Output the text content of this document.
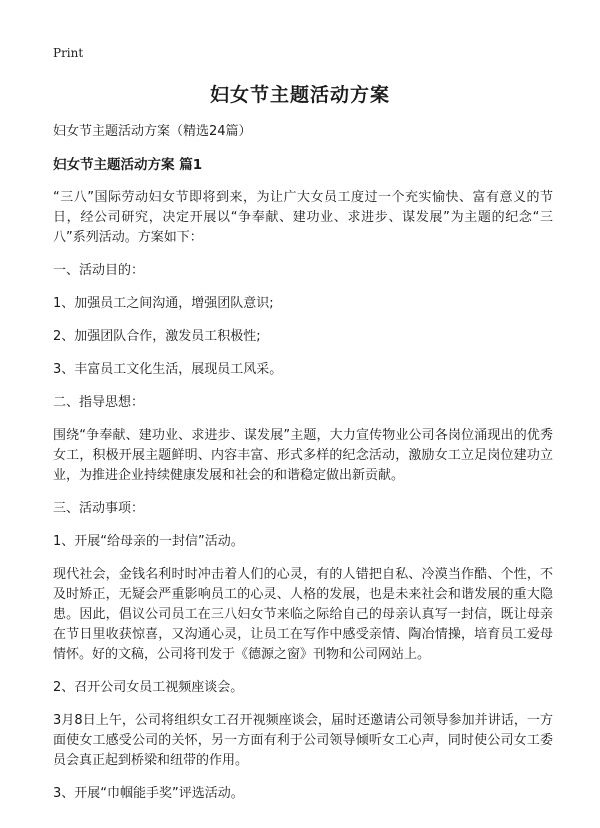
Print
妇女节主题活动方案

妇女节主题活动方案（精选24篇）

妇女节主题活动方案 篇1

“三八”国际劳动妇女节即将到来，为让广大女员工度过一个充实愉快、富有意义的节日，经公司研究，决定开展以“争奉献、建功业、求进步、谋发展”为主题的纪念“三八”系列活动。方案如下：

一、活动目的：

1、加强员工之间沟通，增强团队意识;

2、加强团队合作，激发员工积极性;

3、丰富员工文化生活，展现员工风采。

二、指导思想：

围绕“争奉献、建功业、求进步、谋发展”主题，大力宣传物业公司各岗位涌现出的优秀女工，积极开展主题鲜明、内容丰富、形式多样的纪念活动，激励女工立足岗位建功立业，为推进企业持续健康发展和社会的和谐稳定做出新贡献。

三、活动事项：

1、开展“给母亲的一封信”活动。

现代社会，金钱名利时时冲击着人们的心灵，有的人错把自私、冷漠当作酷、个性，不及时矫正，无疑会严重影响员工的心灵、人格的发展，也是未来社会和谐发展的重大隐患。因此，倡议公司员工在三八妇女节来临之际给自己的母亲认真写一封信，既让母亲在节日里收获惊喜，又沟通心灵，让员工在写作中感受亲情、陶冶情操，培育员工爱母情怀。好的文稿，公司将刊发于《德源之窗》刊物和公司网站上。

2、召开公司女员工视频座谈会。

3月8日上午，公司将组织女工召开视频座谈会，届时还邀请公司领导参加并讲话，一方面使女工感受公司的关怀，另一方面有利于公司领导倾听女工心声，同时使公司女工委员会真正起到桥梁和纽带的作用。

3、开展“巾帼能手奖”评选活动。
